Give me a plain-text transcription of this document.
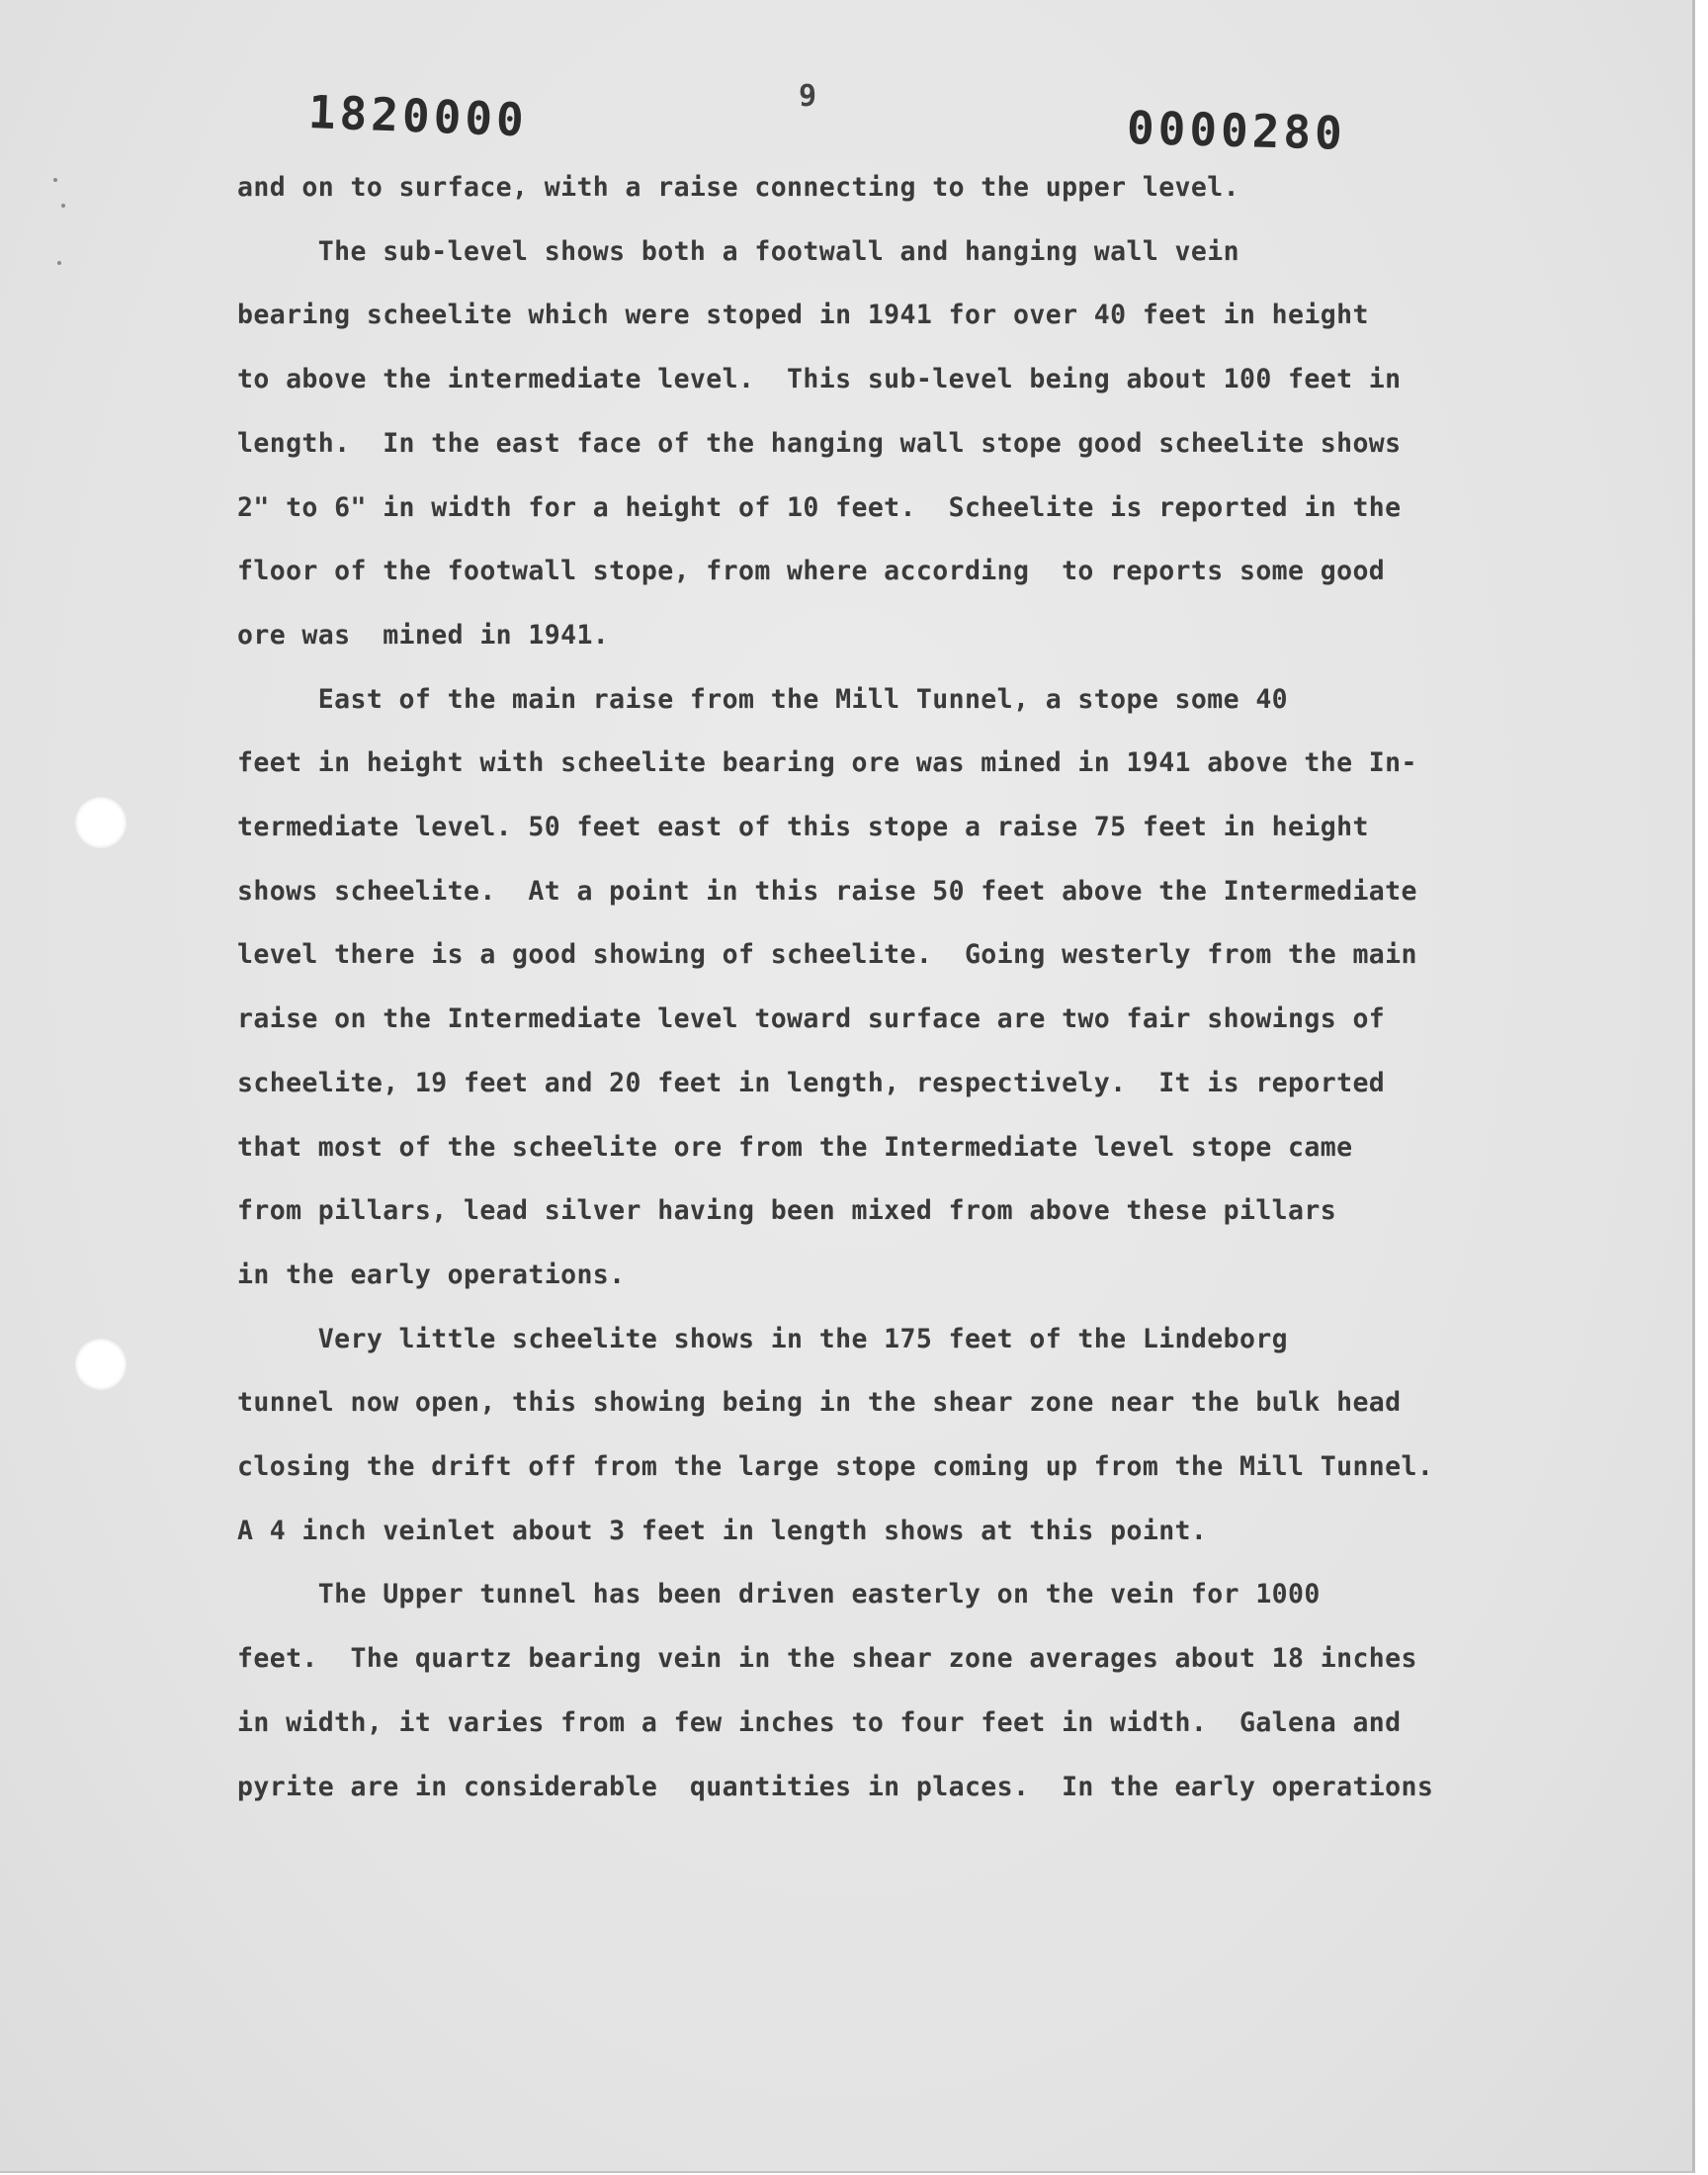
1820000	9
0000280
and on to surface, with a raise connecting to the upper level.
The sub-level shows both a footwall and hanging wall vein
bearing scheelite which were stoped in 1941 for over 40 feet in height
to above the intermediate level.  This sub-level being about 100 feet in
length.  In the east face of the hanging wall stope good scheelite shows
2" to 6" in width for a height of 10 feet.  Scheelite is reported in the
floor of the footwall stope, from where according  to reports some good
ore was  mined in 1941.
East of the main raise from the Mill Tunnel, a stope some 40
feet in height with scheelite bearing ore was mined in 1941 above the In-
termediate level. 50 feet east of this stope a raise 75 feet in height
shows scheelite.  At a point in this raise 50 feet above the Intermediate
level there is a good showing of scheelite.  Going westerly from the main
raise on the Intermediate level toward surface are two fair showings of
scheelite, 19 feet and 20 feet in length, respectively.  It is reported
that most of the scheelite ore from the Intermediate level stope came
from pillars, lead silver having been mixed from above these pillars
in the early operations.
Very little scheelite shows in the 175 feet of the Lindeborg
tunnel now open, this showing being in the shear zone near the bulk head
closing the drift off from the large stope coming up from the Mill Tunnel.
A 4 inch veinlet about 3 feet in length shows at this point.
The Upper tunnel has been driven easterly on the vein for 1000
feet.  The quartz bearing vein in the shear zone averages about 18 inches
in width, it varies from a few inches to four feet in width.  Galena and
pyrite are in considerable  quantities in places.  In the early operations
